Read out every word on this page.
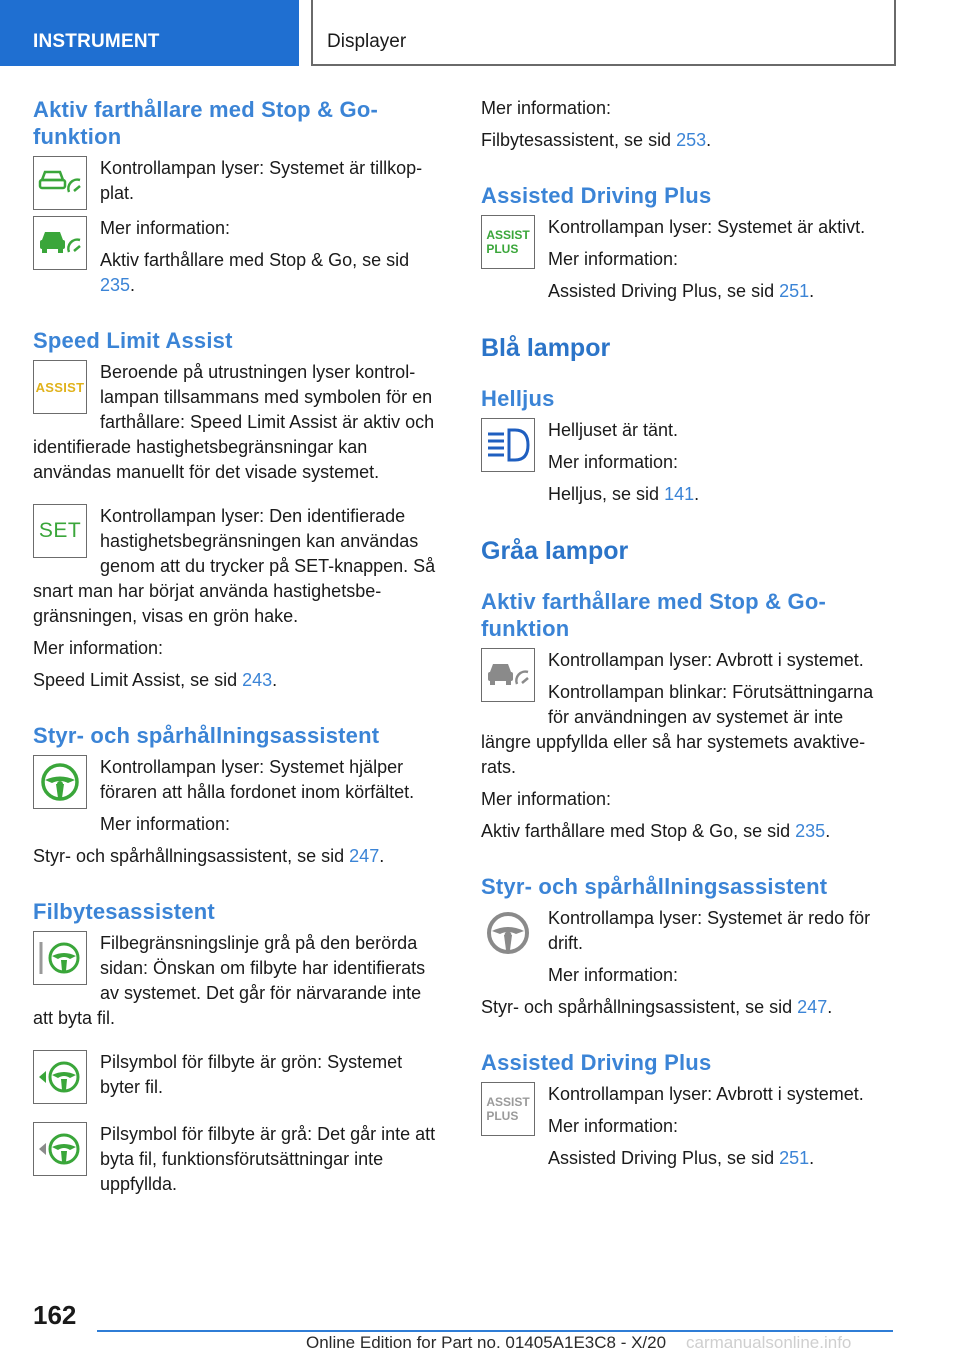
INSTRUMENT	Displayer
Aktiv farthållare med Stop & Go-funktion

Kontrollampan lyser: Systemet är tillkop-plat.

Mer information:

Aktiv farthållare med Stop & Go, se sid 235.

Speed Limit Assist
ASSIST

Beroende på utrustningen lyser kontrol-lampan tillsammans med symbolen för en farthållare: Speed Limit Assist är aktiv och identifierade hastighetsbegränsningar kan användas manuellt för det visade systemet.

SET

Kontrollampan lyser: Den identifierade hastighetsbegränsningen kan användas genom att du trycker på SET-knappen. Så snart man har börjat använda hastighetsbe-gränsningen, visas en grön hake.

Mer information:

Speed Limit Assist, se sid 243.

Styr- och spårhållningsassistent

Kontrollampan lyser: Systemet hjälper föraren att hålla fordonet inom körfältet.

Mer information:

Styr- och spårhållningsassistent, se sid 247.

Filbytesassistent

Filbegränsningslinje grå på den berörda sidan: Önskan om filbyte har identifierats av systemet. Det går för närvarande inte att byta fil.

Pilsymbol för filbyte är grön: Systemet byter fil.

Pilsymbol för filbyte är grå: Det går inte att byta fil, funktionsförutsättningar inte uppfyllda.

Mer information:

Filbytesassistent, se sid 253.

Assisted Driving Plus
ASSIST
PLUS

Kontrollampan lyser: Systemet är aktivt.

Mer information:

Assisted Driving Plus, se sid 251.

Blå lampor
Helljus

Helljuset är tänt.

Mer information:

Helljus, se sid 141.

Gråa lampor
Aktiv farthållare med Stop & Go-funktion

Kontrollampan lyser: Avbrott i systemet.

Kontrollampan blinkar: Förutsättningarna för användningen av systemet är inte längre uppfyllda eller så har systemets avaktive-rats.

Mer information:

Aktiv farthållare med Stop & Go, se sid 235.

Styr- och spårhållningsassistent

Kontrollampa lyser: Systemet är redo för drift.

Mer information:

Styr- och spårhållningsassistent, se sid 247.

Assisted Driving Plus
ASSIST
PLUS

Kontrollampan lyser: Avbrott i systemet.

Mer information:

Assisted Driving Plus, se sid 251.

162
Online Edition for Part no. 01405A1E3C8 - X/20 carmanualsonline.info
